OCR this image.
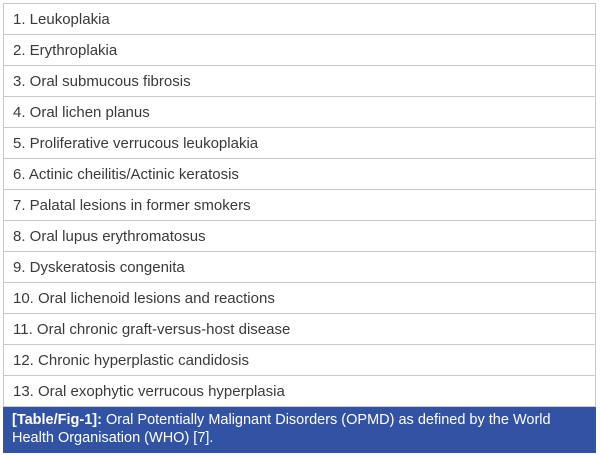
1. Leukoplakia
2. Erythroplakia
3. Oral submucous fibrosis
4. Oral lichen planus
5. Proliferative verrucous leukoplakia
6. Actinic cheilitis/Actinic keratosis
7. Palatal lesions in former smokers
8. Oral lupus erythromatosus
9. Dyskeratosis congenita
10. Oral lichenoid lesions and reactions
11. Oral chronic graft-versus-host disease
12. Chronic hyperplastic candidosis
13. Oral exophytic verrucous hyperplasia
[Table/Fig-1]: Oral Potentially Malignant Disorders (OPMD) as defined by the World Health Organisation (WHO) [7].
